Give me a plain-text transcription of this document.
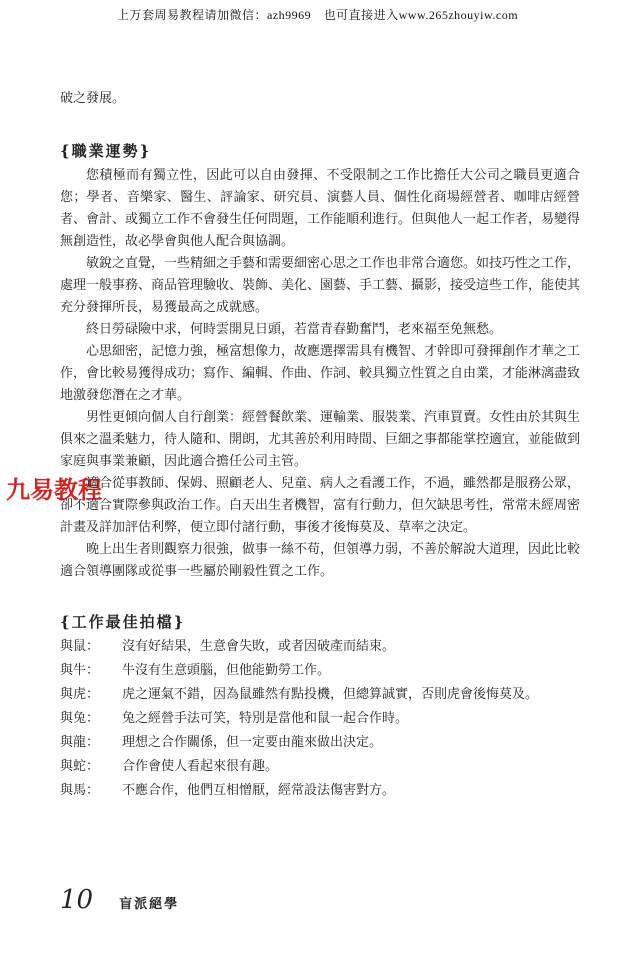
上万套周易教程请加微信：azh9969　也可直接进入www.265zhouyiw.com
九易教程

破之發展。

{職業運勢}

您積極而有獨立性，因此可以自由發揮、不受限制之工作比擔任大公司之職員更適合您；學者、音樂家、醫生、評論家、研究員、演藝人員、個性化商場經營者、咖啡店經營者、會計、或獨立工作不會發生任何問題，工作能順利進行。但與他人一起工作者，易變得無創造性，故必學會與他人配合與協調。

敏銳之直覺，一些精細之手藝和需要細密心思之工作也非常合適您。如技巧性之工作，處理一般事務、商品管理驗收、裝飾、美化、園藝、手工藝、攝影，接受這些工作，能使其充分發揮所長，易獲最高之成就感。

終日勞碌險中求，何時雲開見日頭，若當青春勤奮鬥，老來福至免無愁。

心思細密，記憶力強，極富想像力，故應選擇需具有機智、才幹即可發揮創作才華之工作，會比較易獲得成功；寫作、編輯、作曲、作詞、較具獨立性質之自由業，才能淋漓盡致地激發您潛在之才華。

男性更傾向個人自行創業：經營餐飲業、運輸業、服裝業、汽車買賣。女性由於其與生俱來之溫柔魅力，待人隨和、開朗，尤其善於利用時間、巨細之事都能掌控適宜，並能做到家庭與事業兼顧，因此適合擔任公司主管。

適合從事教師、保姆、照顧老人、兒童、病人之看護工作，不過，雖然都是服務公眾，卻不適合實際參與政治工作。白天出生者機智，富有行動力，但欠缺思考性，常常未經周密計畫及詳加評估利弊，便立即付諸行動，事後才後悔莫及、草率之決定。

晚上出生者則觀察力很強，做事一絲不苟，但領導力弱，不善於解說大道理，因此比較適合領導團隊或從事一些屬於剛毅性質之工作。

{工作最佳拍檔}
與鼠：	沒有好結果，生意會失敗，或者因破產而結束。
與牛：	牛沒有生意頭腦，但他能勤勞工作。
與虎：	虎之運氣不錯，因為鼠雖然有點投機，但總算誠實，否則虎會後悔莫及。
與兔：	兔之經營手法可笑，特別是當他和鼠一起合作時。
與龍：	理想之合作關係，但一定要由龍來做出決定。
與蛇：	合作會使人看起來很有趣。
與馬：	不應合作，他們互相憎厭，經常設法傷害對方。
10 盲派絕學
